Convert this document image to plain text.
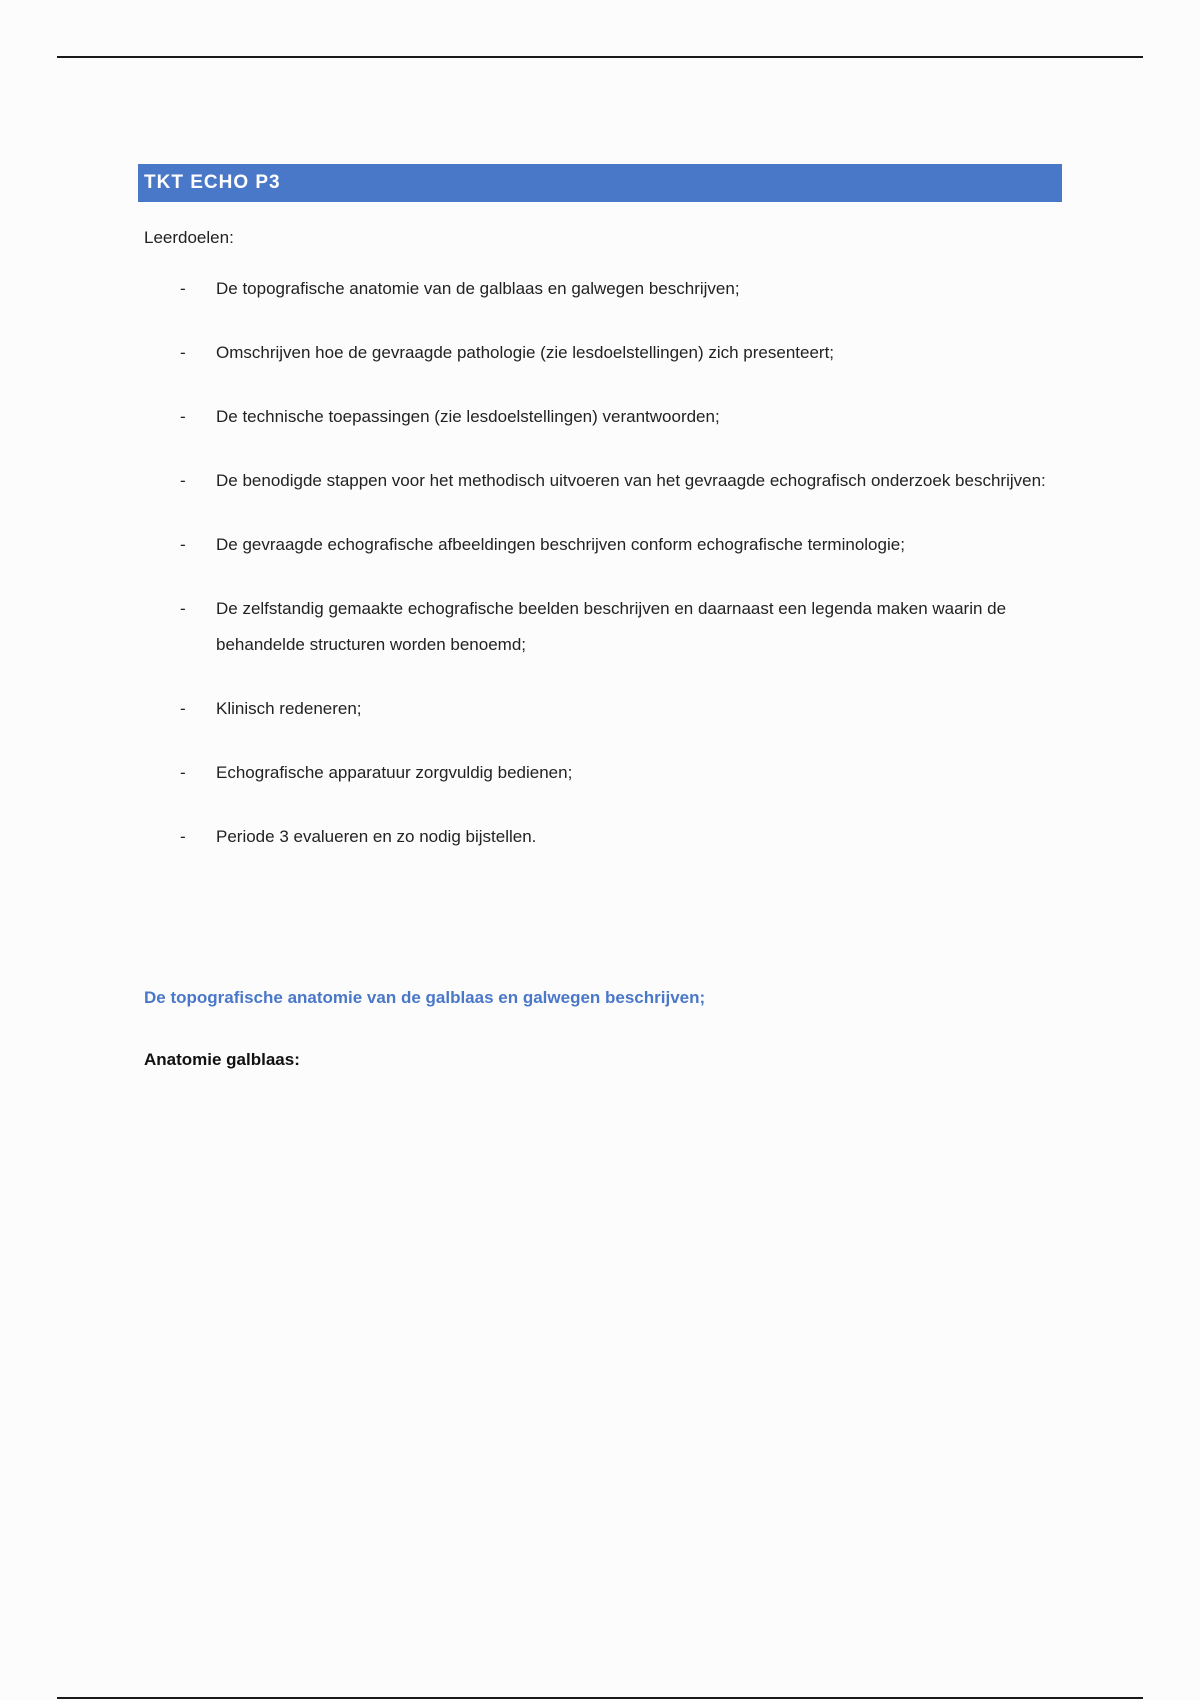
TKT ECHO P3
Leerdoelen:
- De topografische anatomie van de galblaas en galwegen beschrijven;
- Omschrijven hoe de gevraagde pathologie (zie lesdoelstellingen) zich presenteert;
- De technische toepassingen (zie lesdoelstellingen) verantwoorden;
- De benodigde stappen voor het methodisch uitvoeren van het gevraagde echografisch onderzoek beschrijven:
- De gevraagde echografische afbeeldingen beschrijven conform echografische terminologie;
- De zelfstandig gemaakte echografische beelden beschrijven en daarnaast een legenda maken waarin de behandelde structuren worden benoemd;
- Klinisch redeneren;
- Echografische apparatuur zorgvuldig bedienen;
- Periode 3 evalueren en zo nodig bijstellen.
De topografische anatomie van de galblaas en galwegen beschrijven;
Anatomie galblaas:
